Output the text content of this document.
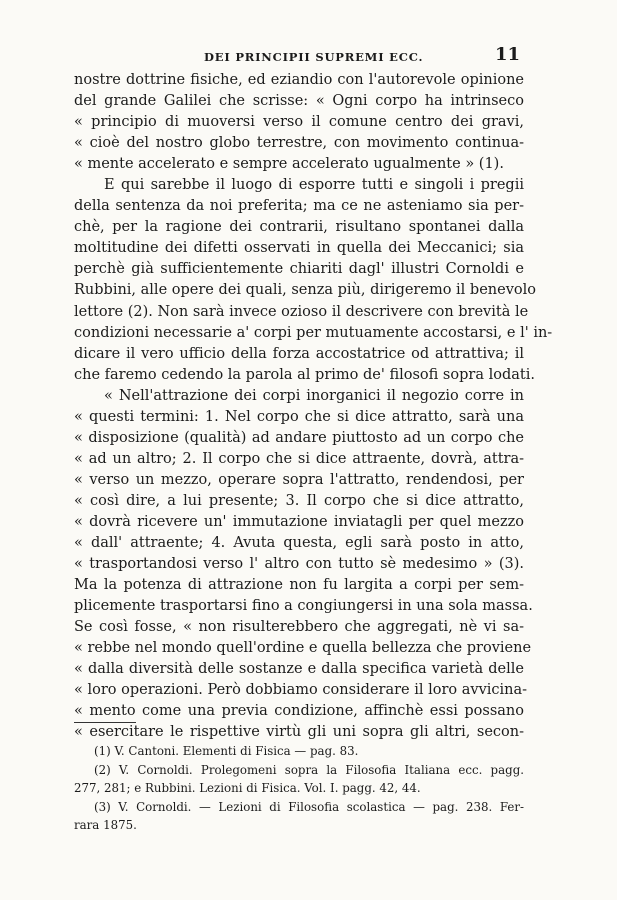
DEI PRINCIPII SUPREMI ECC.	11
nostre dottrine fisiche, ed eziandio con l'autorevole opinione
del grande Galilei che scrisse: « Ogni corpo ha intrinseco
« principio di muoversi verso il comune centro dei gravi,
« cioè del nostro globo terrestre, con movimento continua-
« mente accelerato e sempre accelerato ugualmente » (1).
E qui sarebbe il luogo di esporre tutti e singoli i pregii
della sentenza da noi preferita; ma ce ne asteniamo sia per-
chè, per la ragione dei contrarii, risultano spontanei dalla
moltitudine dei difetti osservati in quella dei Meccanici; sia
perchè già sufficientemente chiariti dagl' illustri Cornoldi e
Rubbini, alle opere dei quali, senza più, dirigeremo il benevolo
lettore (2). Non sarà invece ozioso il descrivere con brevità le
condizioni necessarie a' corpi per mutuamente accostarsi, e l' in-
dicare il vero ufficio della forza accostatrice od attrattiva; il
che faremo cedendo la parola al primo de' filosofi sopra lodati.
« Nell'attrazione dei corpi inorganici il negozio corre in
« questi termini: 1. Nel corpo che si dice attratto, sarà una
« disposizione (qualità) ad andare piuttosto ad un corpo che
« ad un altro; 2. Il corpo che si dice attraente, dovrà, attra-
« verso un mezzo, operare sopra l'attratto, rendendosi, per
« così dire, a lui presente; 3. Il corpo che si dice attratto,
« dovrà ricevere un' immutazione inviatagli per quel mezzo
« dall' attraente; 4. Avuta questa, egli sarà posto in atto,
« trasportandosi verso l' altro con tutto sè medesimo » (3).
Ma la potenza di attrazione non fu largita a corpi per sem-
plicemente trasportarsi fino a congiungersi in una sola massa.
Se così fosse, « non risulterebbero che aggregati, nè vi sa-
« rebbe nel mondo quell'ordine e quella bellezza che proviene
« dalla diversità delle sostanze e dalla specifica varietà delle
« loro operazioni. Però dobbiamo considerare il loro avvicina-
« mento come una previa condizione, affinchè essi possano
« esercitare le rispettive virtù gli uni sopra gli altri, secon-
(1) V. Cantoni. Elementi di Fisica — pag. 83.
(2) V. Cornoldi. Prolegomeni sopra la Filosofia Italiana ecc. pagg.
277, 281; e Rubbini. Lezioni di Fisica. Vol. I. pagg. 42, 44.
(3) V. Cornoldi. — Lezioni di Filosofia scolastica — pag. 238. Fer-
rara 1875.
